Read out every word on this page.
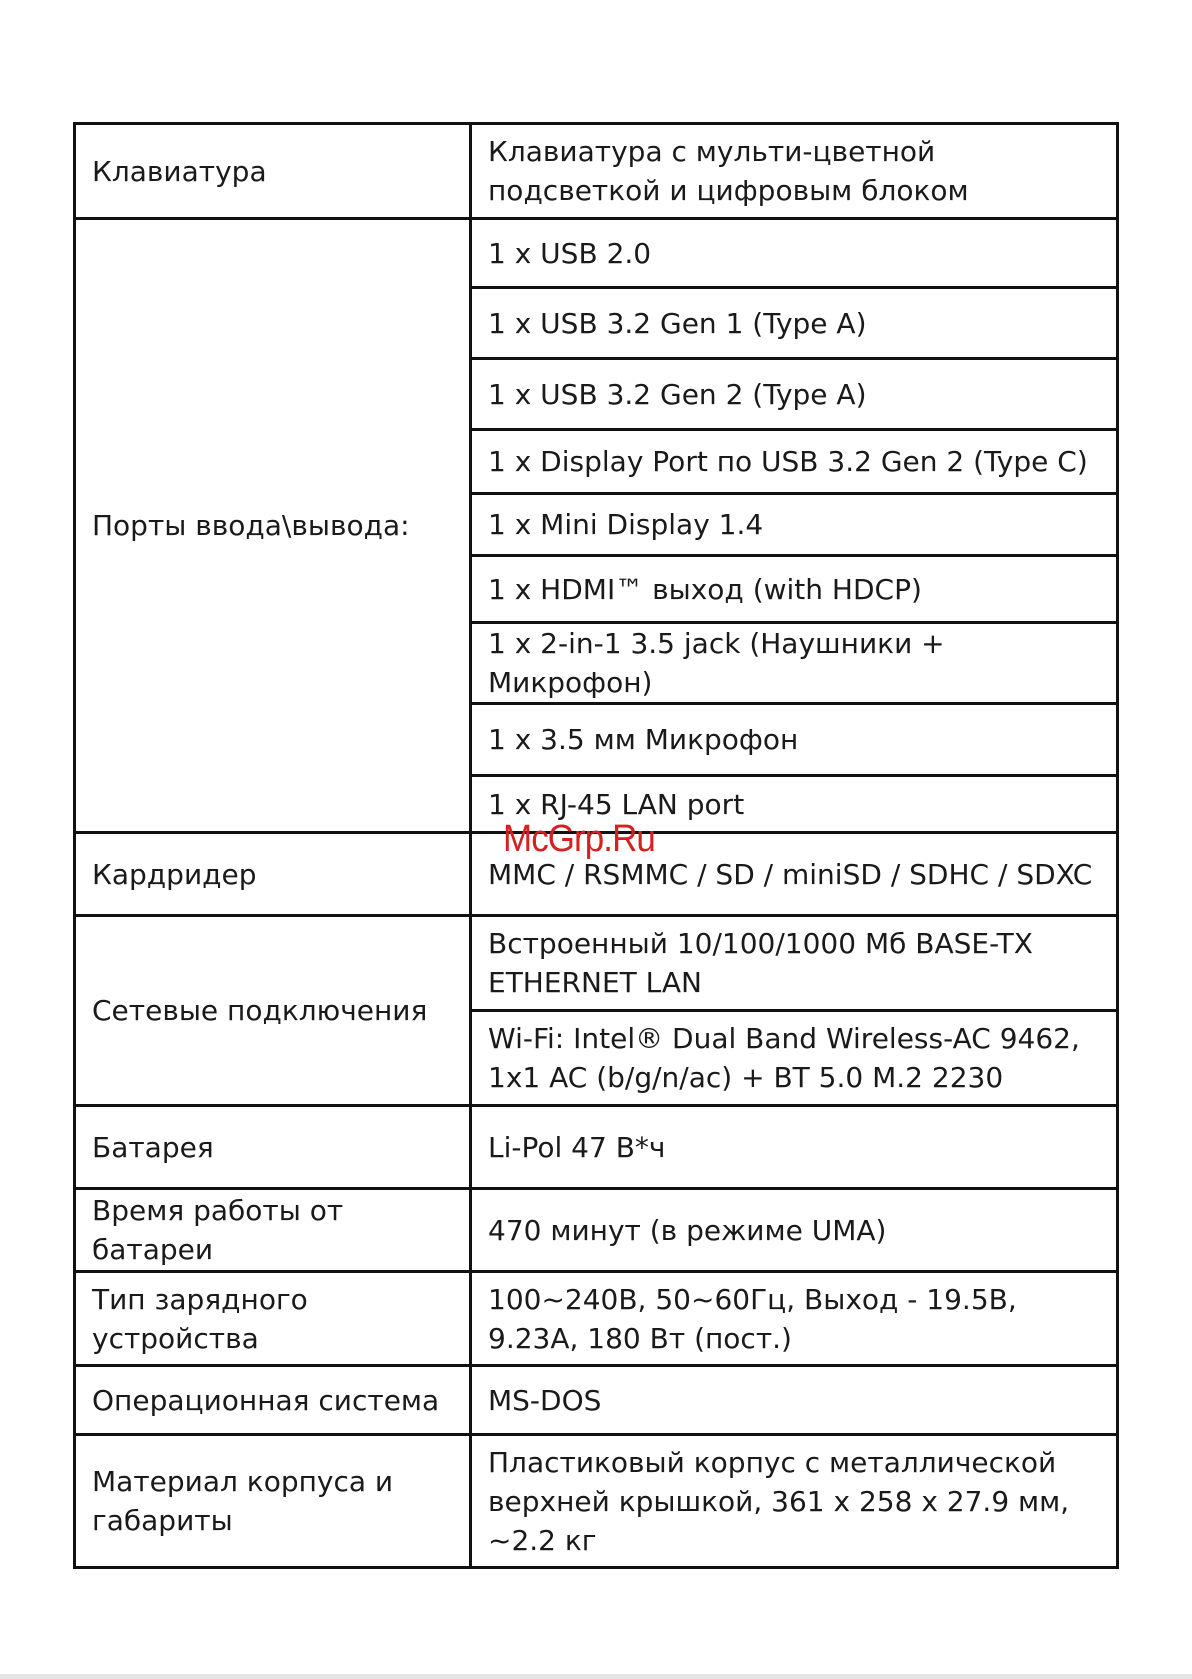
Клавиатура	Клавиатура с мульти-цветной подсветкой и цифровым блоком
Порты ввода\вывода:	1 x USB 2.0
	1 x USB 3.2 Gen 1 (Type A)
	1 x USB 3.2 Gen 2 (Type A)
	1 x Display Port по USB 3.2 Gen 2 (Type C)
	1 x Mini Display 1.4
	1 x HDMI™ выход (with HDCP)
	1 x 2-in-1 3.5 jack (Наушники + Микрофон)
	1 x 3.5 мм Микрофон
	1 x RJ-45 LAN port
Кардридер	MMC / RSMMC / SD / miniSD / SDHC / SDXC
Сетевые подключения	Встроенный 10/100/1000 Мб BASE-TX ETHERNET LAN
	Wi-Fi: Intel® Dual Band Wireless-AC 9462, 1x1 AC (b/g/n/ac) + BT 5.0 M.2 2230
Батарея	Li-Pol 47 В*ч
Время работы от батареи	470 минут (в режиме UMA)
Тип зарядного устройства	100~240В, 50~60Гц, Выход - 19.5В, 9.23А, 180 Вт (пост.)
Операционная система	MS-DOS
Материал корпуса и габариты	Пластиковый корпус с металлической верхней крышкой, 361 x 258 x 27.9 мм, ~2.2 кг
McGrp.Ru
